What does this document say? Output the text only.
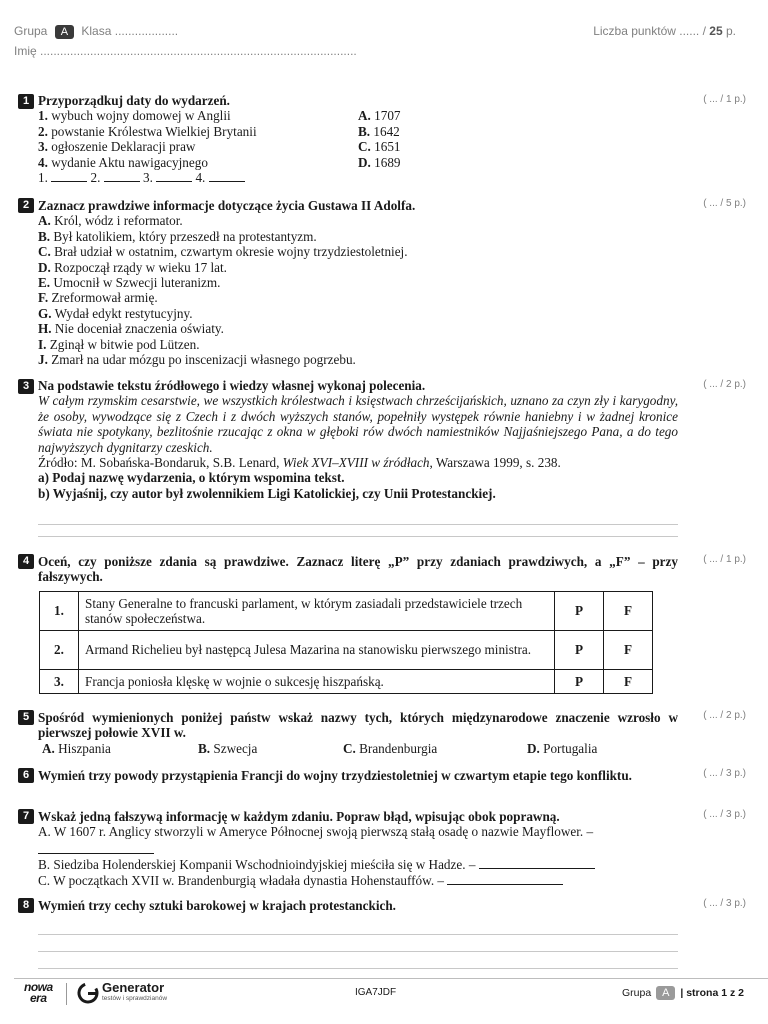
Grupa A Klasa ...................
Imię ...............................................................................................
Liczba punktów ...... / 25 p.
1	( ... / 1 p.)
Przyporządkuj daty do wydarzeń.
1. wybuch wojny domowej w Anglii	A. 1707
2. powstanie Królestwa Wielkiej Brytanii	B. 1642
3. ogłoszenie Deklaracji praw	C. 1651
4. wydanie Aktu nawigacyjnego	D. 1689
1.	2.	3.	4.
2	( ... / 5 p.)
Zaznacz prawdziwe informacje dotyczące życia Gustawa II Adolfa.
A. Król, wódz i reformator.
B. Był katolikiem, który przeszedł na protestantyzm.
C. Brał udział w ostatnim, czwartym okresie wojny trzydziestoletniej.
D. Rozpoczął rządy w wieku 17 lat.
E. Umocnił w Szwecji luteranizm.
F. Zreformował armię.
G. Wydał edykt restytucyjny.
H. Nie doceniał znaczenia oświaty.
I. Zginął w bitwie pod Lützen.
J. Zmarł na udar mózgu po inscenizacji własnego pogrzebu.
3	( ... / 2 p.)
Na podstawie tekstu źródłowego i wiedzy własnej wykonaj polecenia.
W całym rzymskim cesarstwie, we wszystkich królestwach i księstwach chrześcijańskich, uznano za czyn zły i karygodny, że osoby, wywodzące się z Czech i z dwóch wyższych stanów, popełniły występek równie haniebny i w żadnej kronice świata nie spotykany, bezlitośnie rzucając z okna w głęboki rów dwóch namiestników Najjaśniejszego Pana, a do tego najwyższych dygnitarzy czeskich.
Źródło: M. Sobańska-Bondaruk, S.B. Lenard, Wiek XVI–XVIII w źródłach, Warszawa 1999, s. 238.
a) Podaj nazwę wydarzenia, o którym wspomina tekst.
b) Wyjaśnij, czy autor był zwolennikiem Ligi Katolickiej, czy Unii Protestanckiej.
4	( ... / 1 p.)
Oceń, czy poniższe zdania są prawdziwe. Zaznacz literę „P” przy zdaniach prawdziwych, a „F” – przy fałszywych.
1.	Stany Generalne to francuski parlament, w którym zasiadali przedstawiciele trzech stanów społeczeństwa.	P	F
2.	Armand Richelieu był następcą Julesa Mazarina na stanowisku pierwszego ministra.	P	F
3.	Francja poniosła klęskę w wojnie o sukcesję hiszpańską.	P	F
5	( ... / 2 p.)
Spośród wymienionych poniżej państw wskaż nazwy tych, których międzynarodowe znaczenie wzrosło w pierwszej połowie XVII w.
A. Hiszpania	B. Szwecja	C. Brandenburgia	D. Portugalia
6	( ... / 3 p.)
Wymień trzy powody przystąpienia Francji do wojny trzydziestoletniej w czwartym etapie tego konfliktu.
7	( ... / 3 p.)
Wskaż jedną fałszywą informację w każdym zdaniu. Popraw błąd, wpisując obok poprawną.
A. W 1607 r. Anglicy stworzyli w Ameryce Północnej swoją pierwszą stałą osadę o nazwie Mayflower. –
B. Siedziba Holenderskiej Kompanii Wschodnioindyjskiej mieściła się w Hadze. –
C. W początkach XVII w. Brandenburgią władała dynastia Hohenstauffów. –
8	( ... / 3 p.)
Wymień trzy cechy sztuki barokowej w krajach protestanckich.
nowa
era
Generator
testów i sprawdzianów
IGA7JDF	Grupa A | strona 1 z 2
